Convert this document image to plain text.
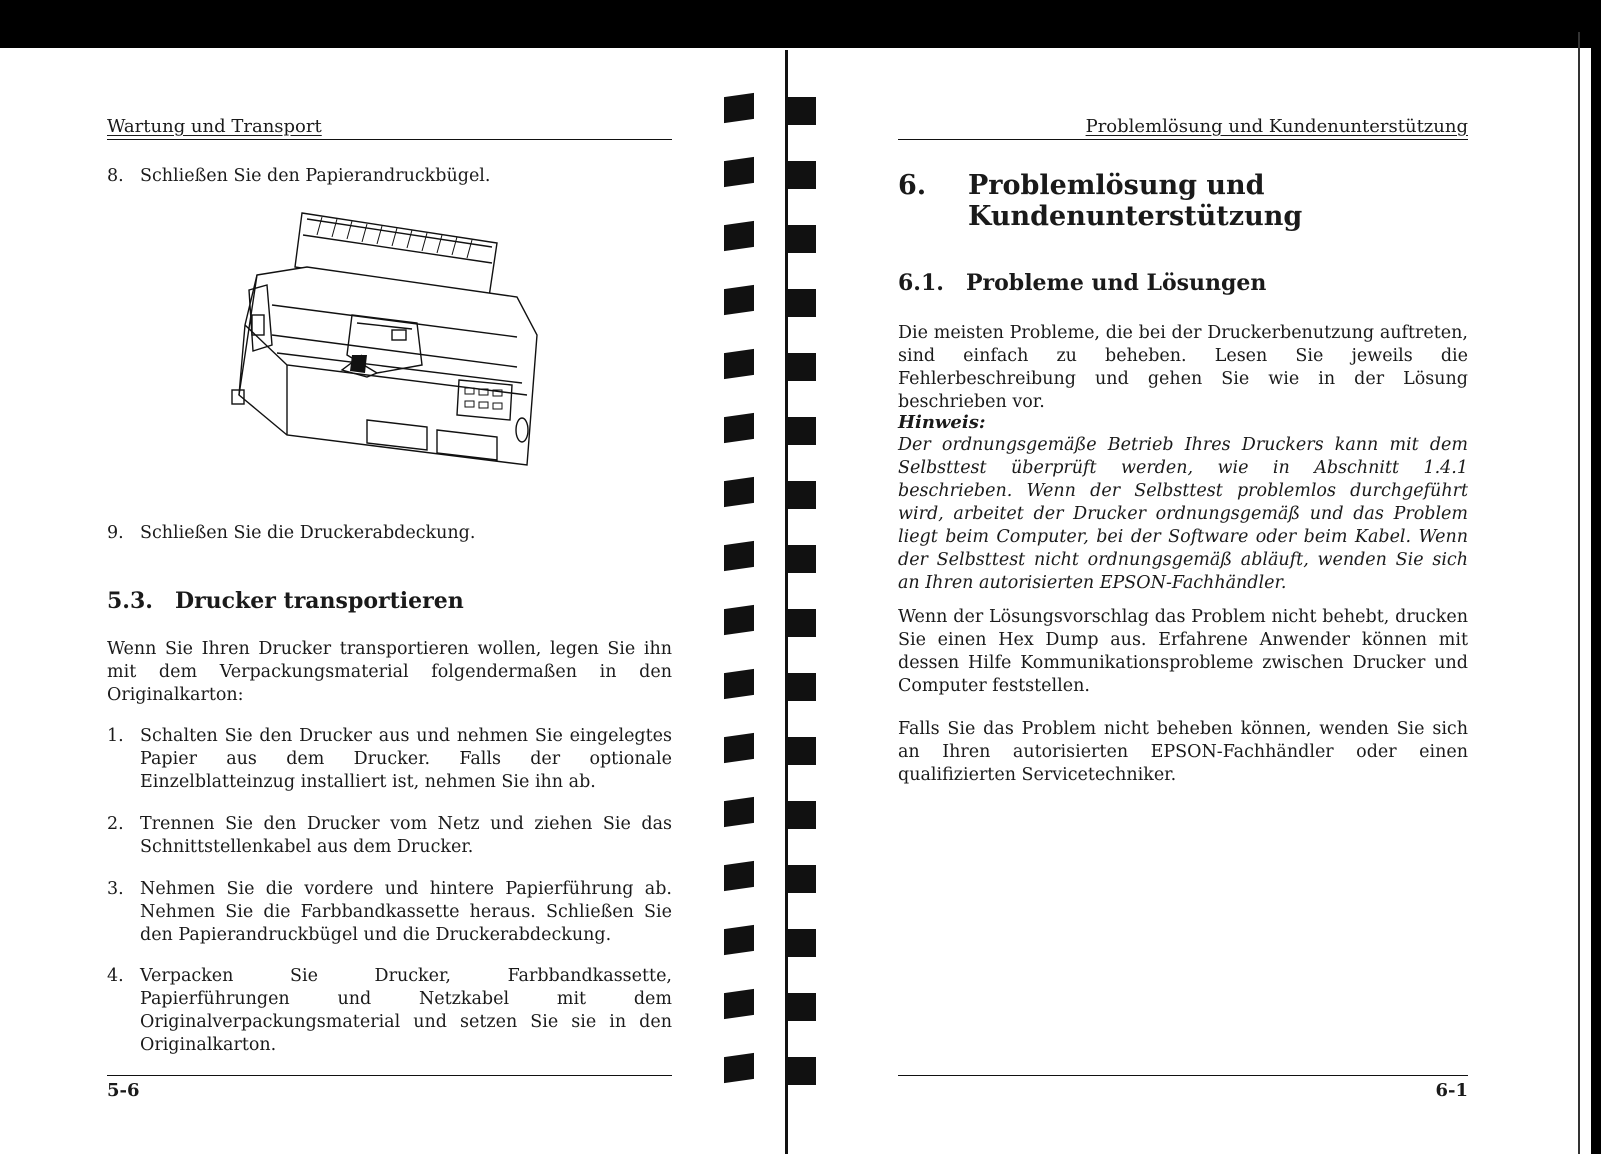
Wartung und Transport
8. Schließen Sie den Papierandruckbügel.
9. Schließen Sie die Druckerabdeckung.
5.3.	Drucker transportieren
Wenn Sie Ihren Drucker transportieren wollen, legen Sie ihn mit dem Verpackungsmaterial folgendermaßen in den Originalkarton:
1. Schalten Sie den Drucker aus und nehmen Sie eingelegtes Papier aus dem Drucker. Falls der optionale Einzelblatteinzug installiert ist, nehmen Sie ihn ab.
2. Trennen Sie den Drucker vom Netz und ziehen Sie das Schnittstellenkabel aus dem Drucker.
3. Nehmen Sie die vordere und hintere Papierführung ab. Nehmen Sie die Farbbandkassette heraus. Schließen Sie den Papierandruckbügel und die Druckerabdeckung.
4. Verpacken Sie Drucker, Farbbandkassette, Papierführungen und Netzkabel mit dem Originalverpackungsmaterial und setzen Sie sie in den Originalkarton.
5-6
Problemlösung und Kundenunterstützung
6.	Problemlösung und
Kundenunterstützung
6.1.	Probleme und Lösungen
Die meisten Probleme, die bei der Druckerbenutzung auftreten, sind einfach zu beheben. Lesen Sie jeweils die Fehlerbeschreibung und gehen Sie wie in der Lösung beschrieben vor.
Hinweis:
Der ordnungsgemäße Betrieb Ihres Druckers kann mit dem Selbsttest überprüft werden, wie in Abschnitt 1.4.1 beschrieben. Wenn der Selbsttest problemlos durchgeführt wird, arbeitet der Drucker ordnungsgemäß und das Problem liegt beim Computer, bei der Software oder beim Kabel. Wenn der Selbsttest nicht ordnungsgemäß abläuft, wenden Sie sich an Ihren autorisierten EPSON-Fachhändler.
Wenn der Lösungsvorschlag das Problem nicht behebt, drucken Sie einen Hex Dump aus. Erfahrene Anwender können mit dessen Hilfe Kommunikationsprobleme zwischen Drucker und Computer feststellen.
Falls Sie das Problem nicht beheben können, wenden Sie sich an Ihren autorisierten EPSON-Fachhändler oder einen qualifizierten Servicetechniker.
6-1
